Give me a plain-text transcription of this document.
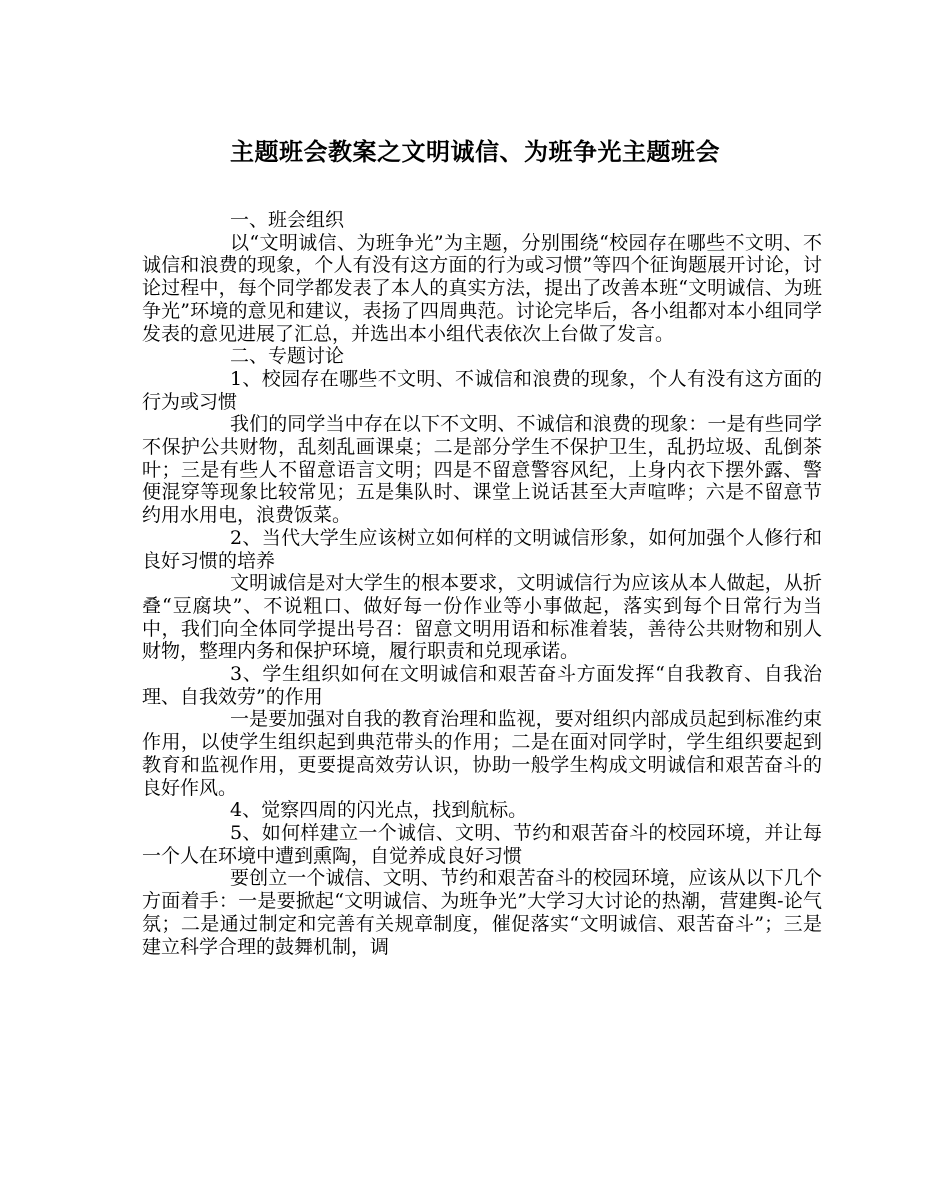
主题班会教案之文明诚信、为班争光主题班会

一、班会组织

以“文明诚信、为班争光”为主题，分别围绕“校园存在哪些不文明、不诚信和浪费的现象，个人有没有这方面的行为或习惯”等四个征询题展开讨论，讨论过程中，每个同学都发表了本人的真实方法，提出了改善本班“文明诚信、为班争光”环境的意见和建议，表扬了四周典范。讨论完毕后，各小组都对本小组同学发表的意见进展了汇总，并选出本小组代表依次上台做了发言。

二、专题讨论

1、校园存在哪些不文明、不诚信和浪费的现象，个人有没有这方面的行为或习惯

我们的同学当中存在以下不文明、不诚信和浪费的现象：一是有些同学不保护公共财物，乱刻乱画课桌；二是部分学生不保护卫生，乱扔垃圾、乱倒茶叶；三是有些人不留意语言文明；四是不留意警容风纪，上身内衣下摆外露、警便混穿等现象比较常见；五是集队时、课堂上说话甚至大声喧哗；六是不留意节约用水用电，浪费饭菜。

2、当代大学生应该树立如何样的文明诚信形象，如何加强个人修行和良好习惯的培养

文明诚信是对大学生的根本要求，文明诚信行为应该从本人做起，从折叠“豆腐块”、不说粗口、做好每一份作业等小事做起，落实到每个日常行为当中，我们向全体同学提出号召：留意文明用语和标准着装，善待公共财物和别人财物，整理内务和保护环境，履行职责和兑现承诺。

3、学生组织如何在文明诚信和艰苦奋斗方面发挥“自我教育、自我治理、自我效劳”的作用

一是要加强对自我的教育治理和监视，要对组织内部成员起到标准约束作用，以使学生组织起到典范带头的作用；二是在面对同学时，学生组织要起到教育和监视作用，更要提高效劳认识，协助一般学生构成文明诚信和艰苦奋斗的良好作风。

4、觉察四周的闪光点，找到航标。

5、如何样建立一个诚信、文明、节约和艰苦奋斗的校园环境，并让每一个人在环境中遭到熏陶，自觉养成良好习惯

要创立一个诚信、文明、节约和艰苦奋斗的校园环境，应该从以下几个方面着手：一是要掀起“文明诚信、为班争光”大学习大讨论的热潮，营建舆-论气氛；二是通过制定和完善有关规章制度，催促落实“文明诚信、艰苦奋斗”；三是建立科学合理的鼓舞机制，调
